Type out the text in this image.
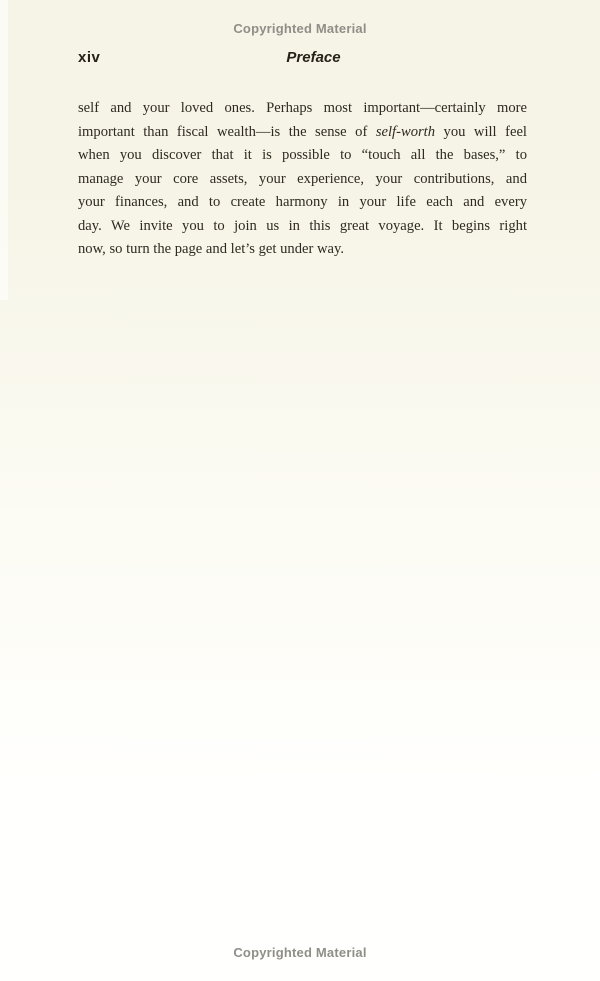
Copyrighted Material
xiv	Preface
self and your loved ones. Perhaps most important—certainly more
important than fiscal wealth—is the sense of self-worth you will feel
when you discover that it is possible to “touch all the bases,” to
manage your core assets, your experience, your contributions, and
your finances, and to create harmony in your life each and every
day. We invite you to join us in this great voyage. It begins right
now, so turn the page and let’s get under way.
Copyrighted Material
